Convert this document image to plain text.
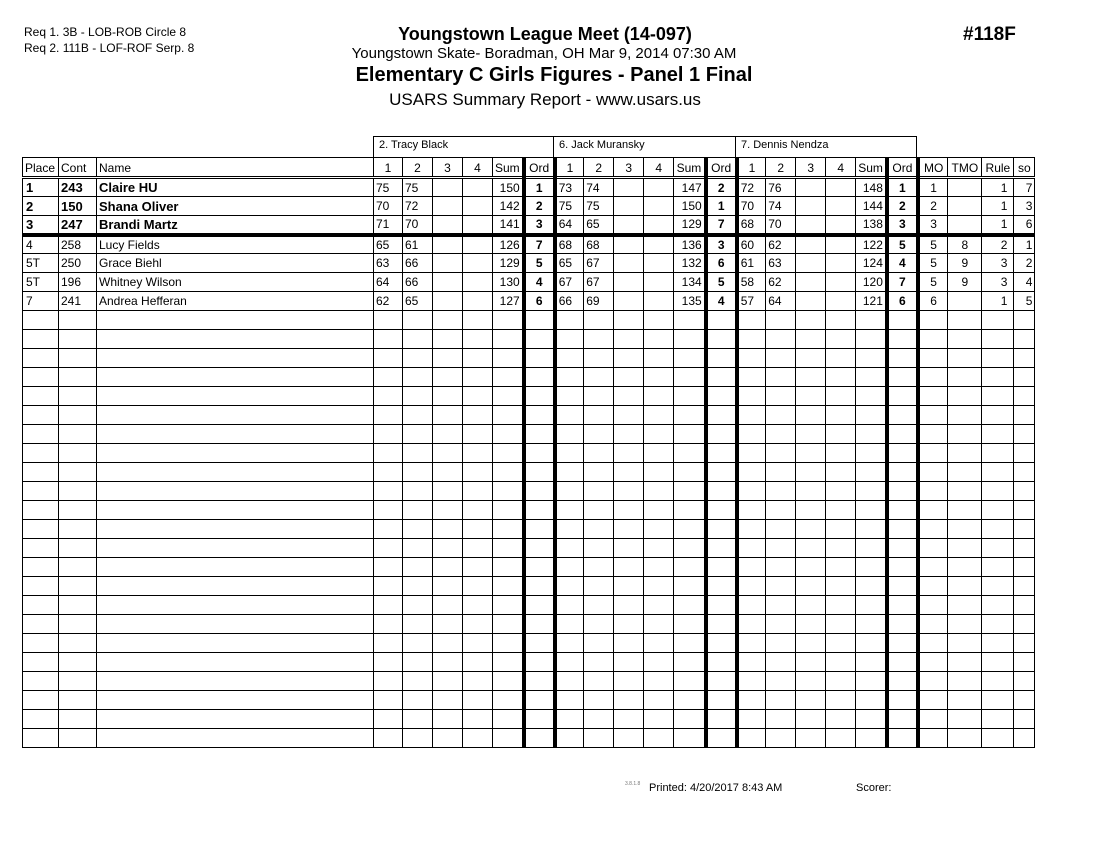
Req 1. 3B - LOB-ROB Circle 8
Req 2. 111B - LOF-ROF Serp. 8
Youngstown League Meet (14-097)
Youngstown Skate- Boradman, OH Mar 9, 2014 07:30 AM
Elementary C Girls Figures - Panel 1 Final
USARS Summary Report - www.usars.us
#118F
2. Tracy Black	6. Jack Muransky	7. Dennis Nendza
Place	Cont	Name	1	2	3	4	Sum	Ord	1	2	3	4	Sum	Ord	1	2	3	4	Sum	Ord	MO	TMO	Rule	so
1	243	Claire HU	75	75			150	1	73	74			147	2	72	76			148	1	1		1	7
2	150	Shana Oliver	70	72			142	2	75	75			150	1	70	74			144	2	2		1	3
3	247	Brandi Martz	71	70			141	3	64	65			129	7	68	70			138	3	3		1	6
4	258	Lucy Fields	65	61			126	7	68	68			136	3	60	62			122	5	5	8	2	1
5T	250	Grace Biehl	63	66			129	5	65	67			132	6	61	63			124	4	5	9	3	2
5T	196	Whitney Wilson	64	66			130	4	67	67			134	5	58	62			120	7	5	9	3	4
7	241	Andrea Hefferan	62	65			127	6	66	69			135	4	57	64			121	6	6		1	5

3.8.1.8 Printed: 4/20/2017 8:43 AM	Scorer:
